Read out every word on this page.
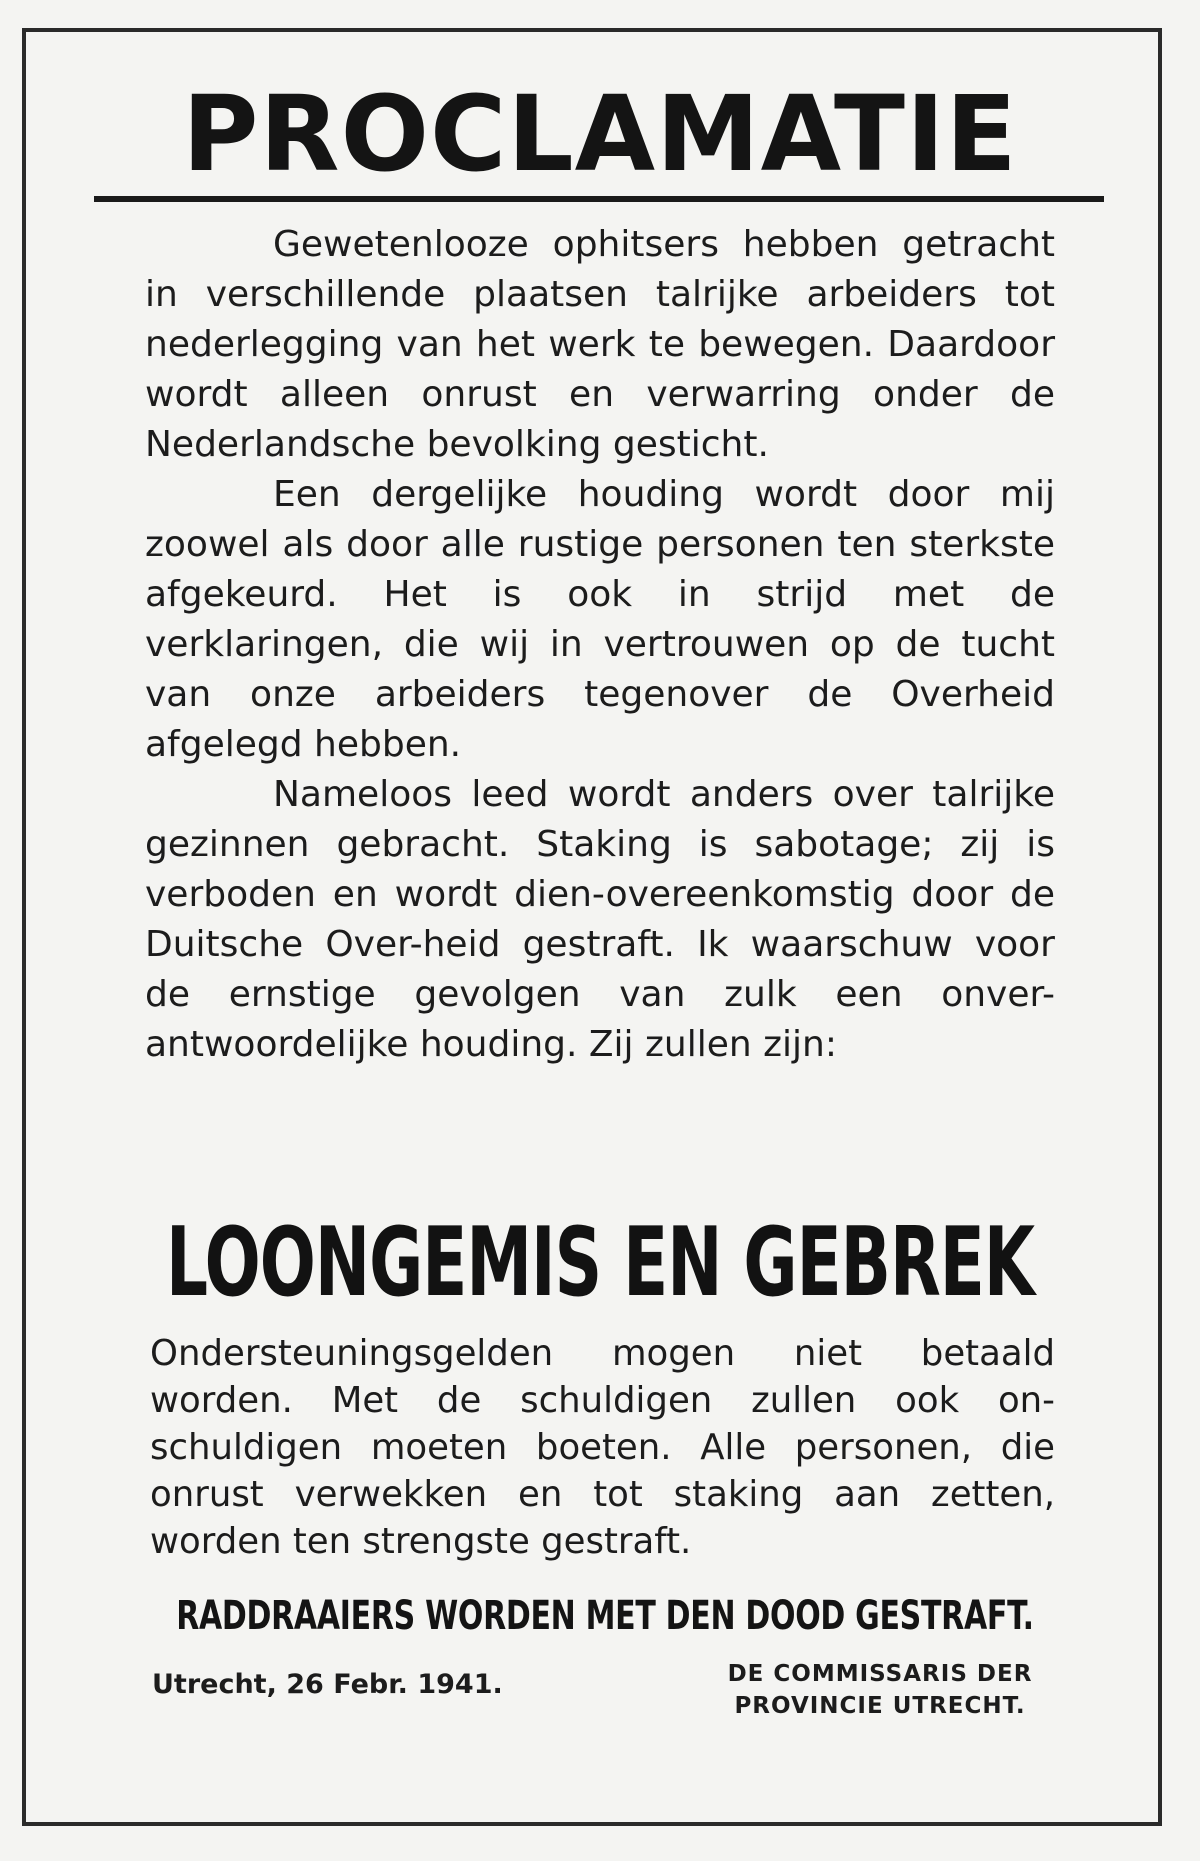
PROCLAMATIE

Gewetenlooze ophitsers hebben getracht in verschillende plaatsen talrijke arbeiders tot nederlegging van het werk te bewegen. Daardoor wordt alleen onrust en verwarring onder de Nederlandsche bevolking gesticht.

Een dergelijke houding wordt door mij zoowel als door alle rustige personen ten sterkste afgekeurd. Het is ook in strijd met de verklaringen, die wij in vertrouwen op de tucht van onze arbeiders tegenover de Overheid afgelegd hebben.

Nameloos leed wordt anders over talrijke gezinnen gebracht. Staking is sabotage; zij is verboden en wordt dien-overeenkomstig door de Duitsche Over-heid gestraft. Ik waarschuw voor de ernstige gevolgen van zulk een onver-antwoordelijke houding. Zij zullen zijn:

LOONGEMIS EN GEBREK
Ondersteuningsgelden mogen niet betaald worden. Met de schuldigen zullen ook on-schuldigen moeten boeten. Alle personen, die onrust verwekken en tot staking aan zetten, worden ten strengste gestraft.
RADDRAAIERS WORDEN MET DEN DOOD GESTRAFT.
Utrecht, 26 Febr. 1941.	DE COMMISSARIS DER
PROVINCIE UTRECHT.
